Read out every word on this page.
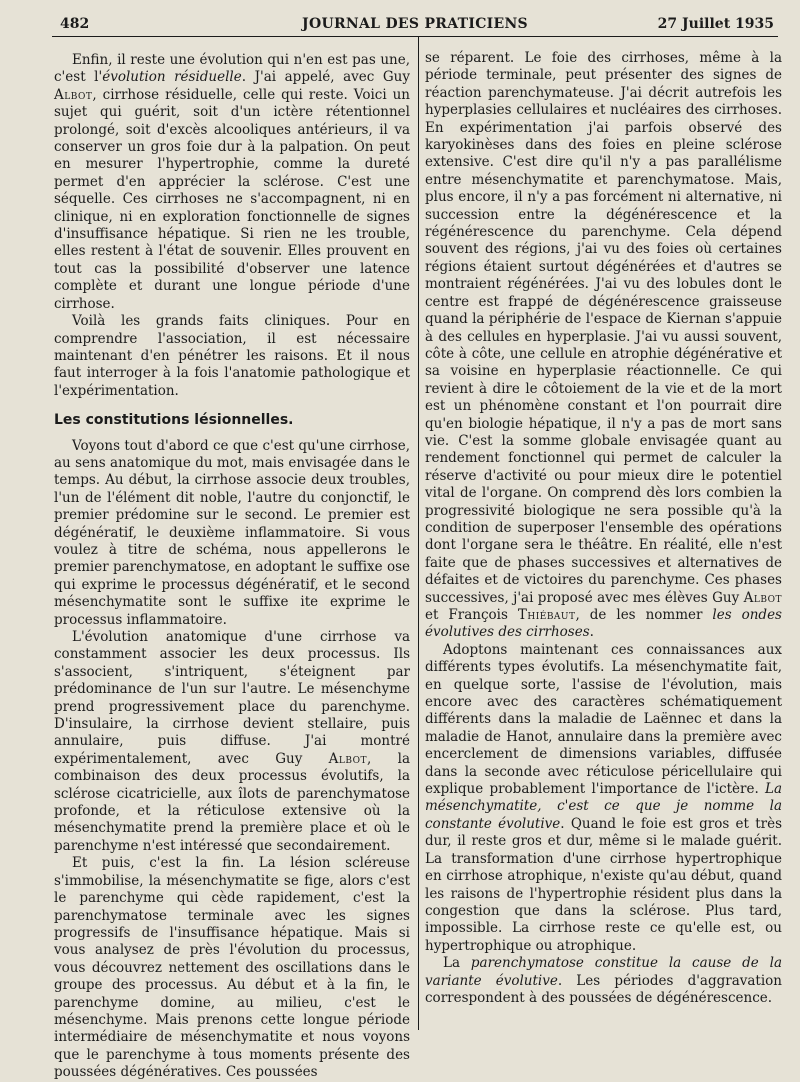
482	JOURNAL DES PRATICIENS	27 Juillet 1935

Enfin, il reste une évolution qui n'en est pas une, c'est l'évolution résiduelle. J'ai appelé, avec Guy Albot, cirrhose résiduelle, celle qui reste. Voici un sujet qui guérit, soit d'un ictère rétentionnel prolongé, soit d'excès alcooliques antérieurs, il va conserver un gros foie dur à la palpation. On peut en mesurer l'hypertrophie, comme la dureté permet d'en apprécier la sclérose. C'est une séquelle. Ces cirrhoses ne s'accompagnent, ni en clinique, ni en exploration fonctionnelle de signes d'insuffisance hépatique. Si rien ne les trouble, elles restent à l'état de souvenir. Elles prouvent en tout cas la possibilité d'observer une latence complète et durant une longue période d'une cirrhose.

Voilà les grands faits cliniques. Pour en comprendre l'association, il est nécessaire maintenant d'en pénétrer les raisons. Et il nous faut interroger à la fois l'anatomie pathologique et l'expérimentation.

Les constitutions lésionnelles.

Voyons tout d'abord ce que c'est qu'une cirrhose, au sens anatomique du mot, mais envisagée dans le temps. Au début, la cirrhose associe deux troubles, l'un de l'élément dit noble, l'autre du conjonctif, le premier prédomine sur le second. Le premier est dégénératif, le deuxième inflammatoire. Si vous voulez à titre de schéma, nous appellerons le premier parenchymatose, en adoptant le suffixe ose qui exprime le processus dégénératif, et le second mésenchymatite sont le suffixe ite exprime le processus inflammatoire.

L'évolution anatomique d'une cirrhose va constamment associer les deux processus. Ils s'associent, s'intriquent, s'éteignent par prédominance de l'un sur l'autre. Le mésenchyme prend progressivement place du parenchyme. D'insulaire, la cirrhose devient stellaire, puis annulaire, puis diffuse. J'ai montré expérimentalement, avec Guy Albot, la combinaison des deux processus évolutifs, la sclérose cicatricielle, aux îlots de parenchymatose profonde, et la réticulose extensive où la mésenchymatite prend la première place et où le parenchyme n'est intéressé que secondairement.

Et puis, c'est la fin. La lésion scléreuse s'immobilise, la mésenchymatite se fige, alors c'est le parenchyme qui cède rapidement, c'est la parenchymatose terminale avec les signes progressifs de l'insuffisance hépatique. Mais si vous analysez de près l'évolution du processus, vous découvrez nettement des oscillations dans le groupe des processus. Au début et à la fin, le parenchyme domine, au milieu, c'est le mésenchyme. Mais prenons cette longue période intermédiaire de mésenchymatite et nous voyons que le parenchyme à tous moments présente des poussées dégénératives. Ces poussées

se réparent. Le foie des cirrhoses, même à la période terminale, peut présenter des signes de réaction parenchymateuse. J'ai décrit autrefois les hyperplasies cellulaires et nucléaires des cirrhoses. En expérimentation j'ai parfois observé des karyokinèses dans des foies en pleine sclérose extensive. C'est dire qu'il n'y a pas parallélisme entre mésenchymatite et parenchymatose. Mais, plus encore, il n'y a pas forcément ni alternative, ni succession entre la dégénérescence et la régénérescence du parenchyme. Cela dépend souvent des régions, j'ai vu des foies où certaines régions étaient surtout dégénérées et d'autres se montraient régénérées. J'ai vu des lobules dont le centre est frappé de dégénérescence graisseuse quand la périphérie de l'espace de Kiernan s'appuie à des cellules en hyperplasie. J'ai vu aussi souvent, côte à côte, une cellule en atrophie dégénérative et sa voisine en hyperplasie réactionnelle. Ce qui revient à dire le côtoiement de la vie et de la mort est un phénomène constant et l'on pourrait dire qu'en biologie hépatique, il n'y a pas de mort sans vie. C'est la somme globale envisagée quant au rendement fonctionnel qui permet de calculer la réserve d'activité ou pour mieux dire le potentiel vital de l'organe. On comprend dès lors combien la progressivité biologique ne sera possible qu'à la condition de superposer l'ensemble des opérations dont l'organe sera le théâtre. En réalité, elle n'est faite que de phases successives et alternatives de défaites et de victoires du parenchyme. Ces phases successives, j'ai proposé avec mes élèves Guy Albot et François Thiébaut, de les nommer les ondes évolutives des cirrhoses.

Adoptons maintenant ces connaissances aux différents types évolutifs. La mésenchymatite fait, en quelque sorte, l'assise de l'évolution, mais encore avec des caractères schématiquement différents dans la maladie de Laënnec et dans la maladie de Hanot, annulaire dans la première avec encerclement de dimensions variables, diffusée dans la seconde avec réticulose péricellulaire qui explique probablement l'importance de l'ictère. La mésenchymatite, c'est ce que je nomme la constante évolutive. Quand le foie est gros et très dur, il reste gros et dur, même si le malade guérit. La transformation d'une cirrhose hypertrophique en cirrhose atrophique, n'existe qu'au début, quand les raisons de l'hypertrophie résident plus dans la congestion que dans la sclérose. Plus tard, impossible. La cirrhose reste ce qu'elle est, ou hypertrophique ou atrophique.

La parenchymatose constitue la cause de la variante évolutive. Les périodes d'aggravation correspondent à des poussées de dégénérescence.
